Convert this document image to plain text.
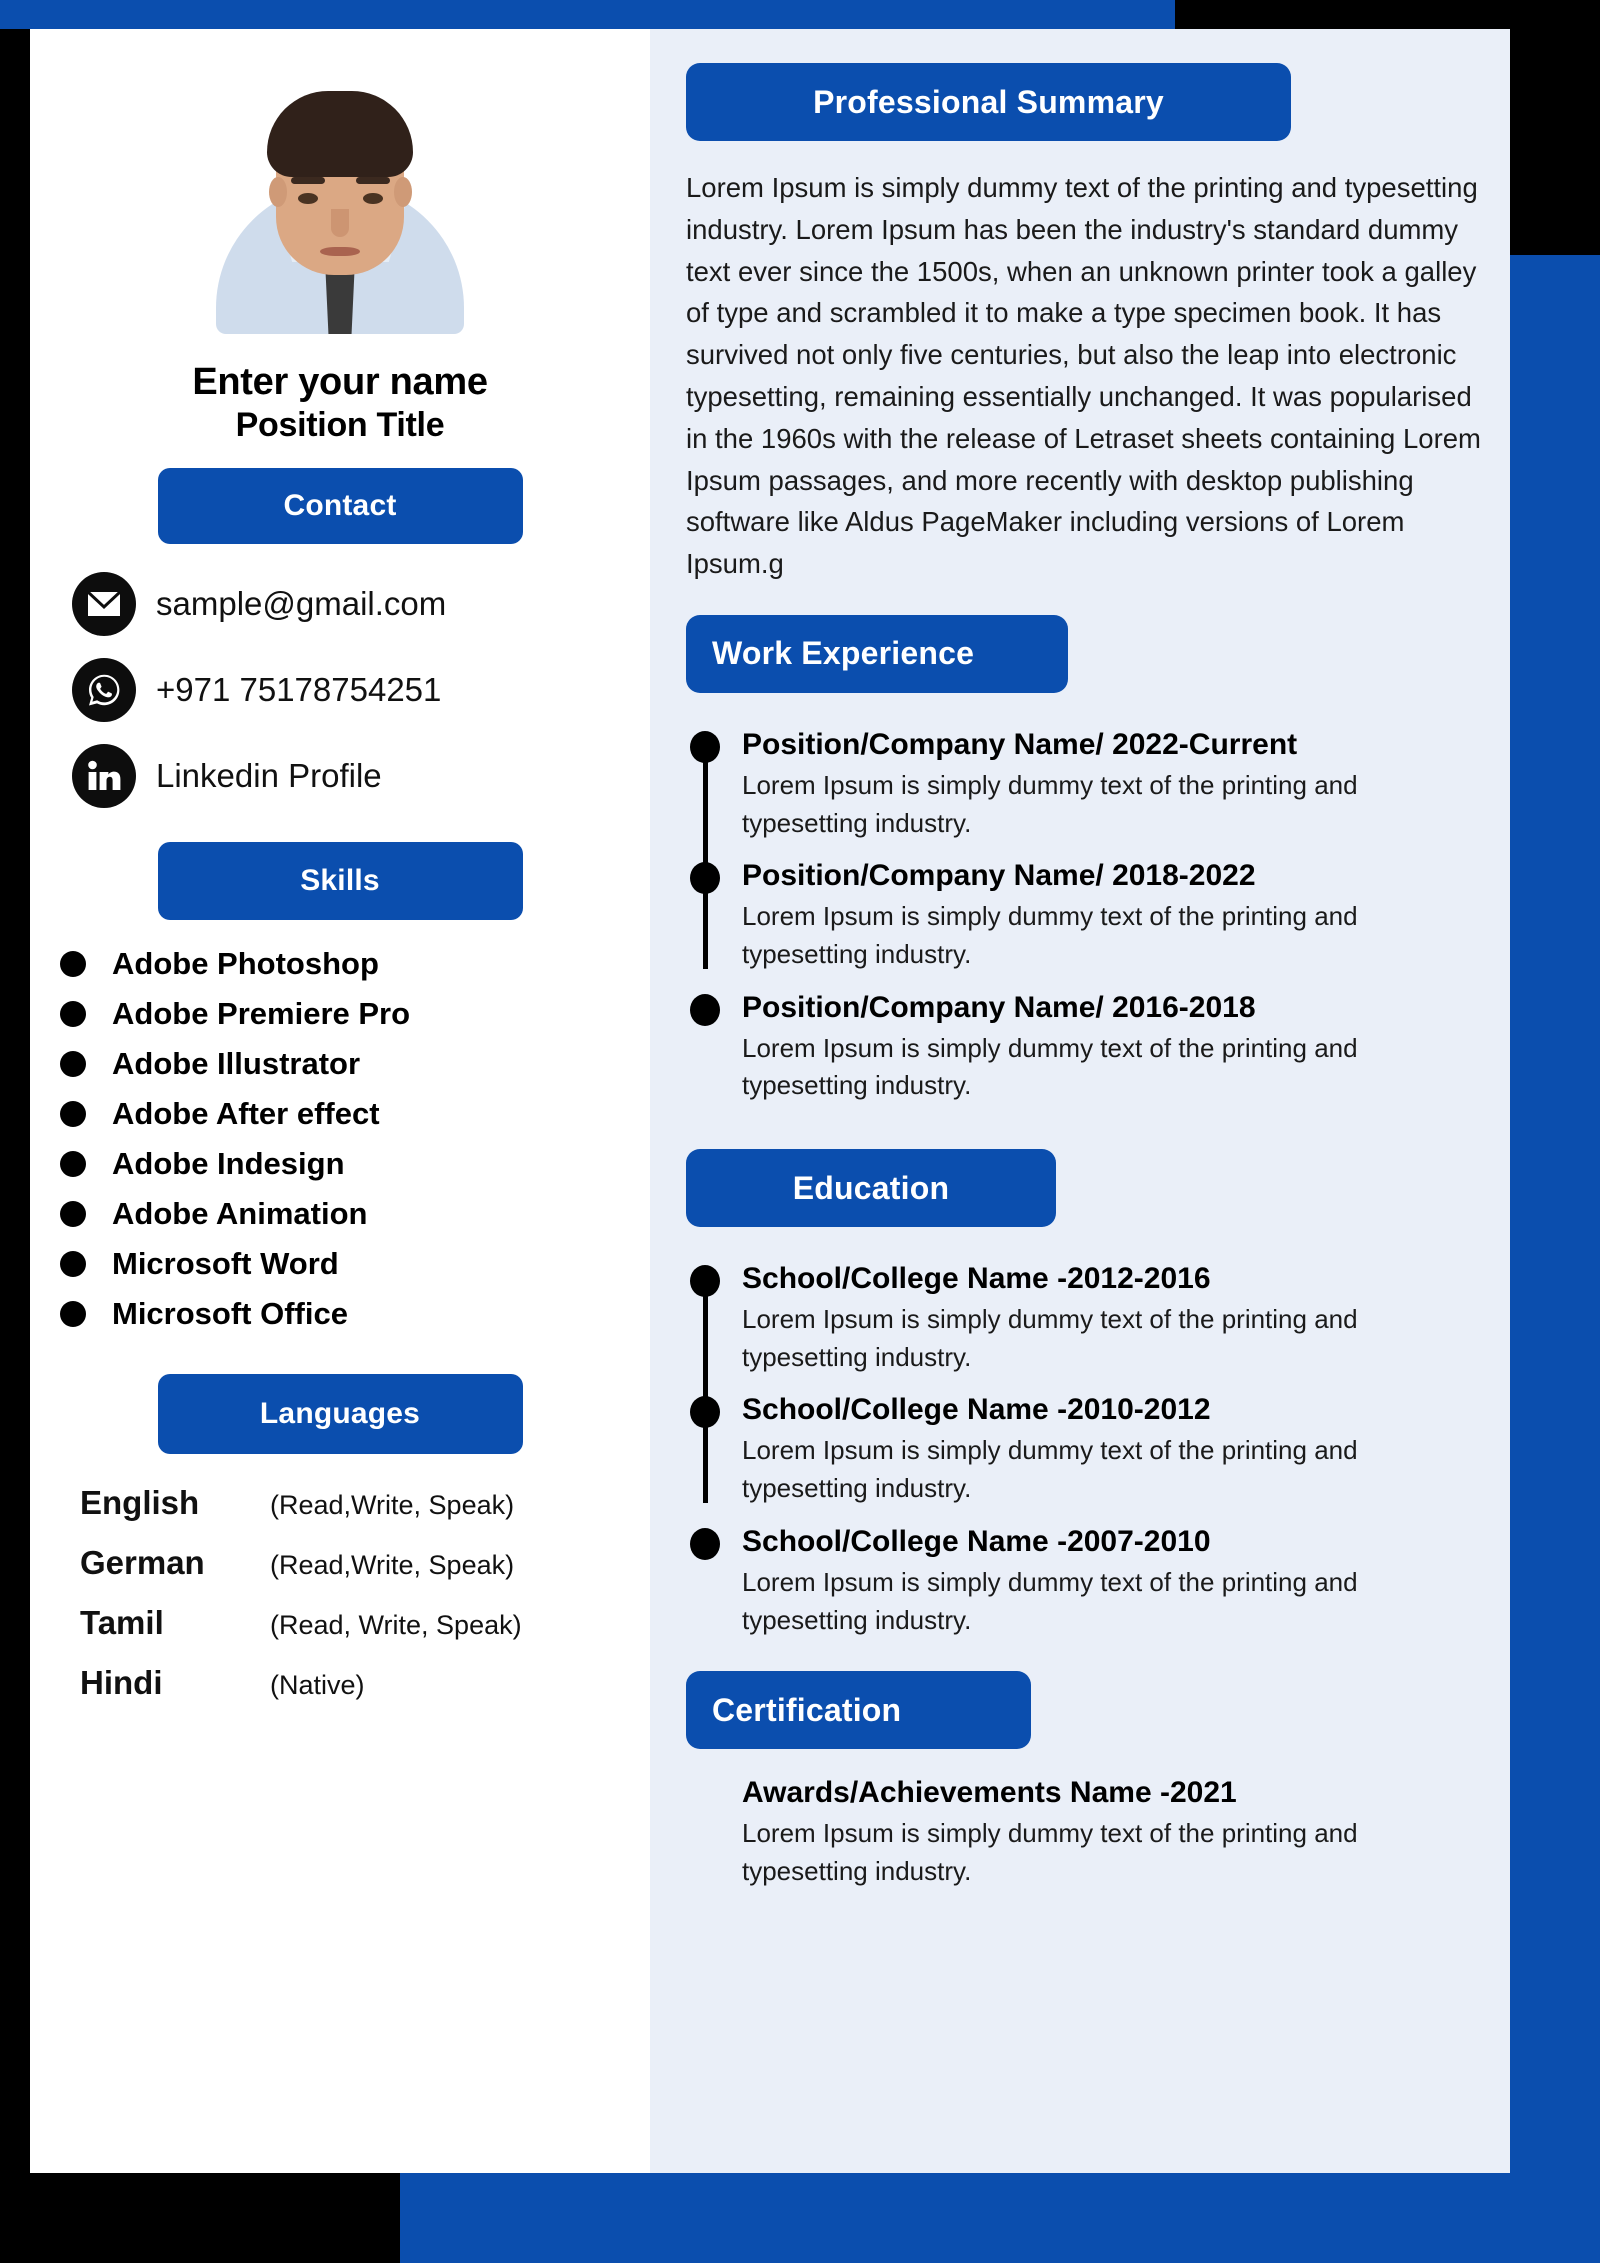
Enter your name
Position Title
Contact
sample@gmail.com
+971 75178754251
Linkedin Profile
Skills
Adobe Photoshop
Adobe Premiere Pro
Adobe Illustrator
Adobe After effect
Adobe Indesign
Adobe Animation
Microsoft Word
Microsoft Office
Languages
English	(Read,Write, Speak)
German	(Read,Write, Speak)
Tamil	(Read, Write, Speak)
Hindi	(Native)
Professional Summary
Lorem Ipsum is simply dummy text of the printing and typesetting industry. Lorem Ipsum has been the industry's standard dummy text ever since the 1500s, when an unknown printer took a galley of type and scrambled it to make a type specimen book. It has survived not only five centuries, but also the leap into electronic typesetting, remaining essentially unchanged. It was popularised in the 1960s with the release of Letraset sheets containing Lorem Ipsum passages, and more recently with desktop publishing software like Aldus PageMaker including versions of Lorem Ipsum.g
Work Experience
Position/Company Name/ 2022-Current
Lorem Ipsum is simply dummy text of the printing and typesetting industry.
Position/Company Name/ 2018-2022
Lorem Ipsum is simply dummy text of the printing and typesetting industry.
Position/Company Name/ 2016-2018
Lorem Ipsum is simply dummy text of the printing and typesetting industry.
Education
School/College Name -2012-2016
Lorem Ipsum is simply dummy text of the printing and typesetting industry.
School/College Name -2010-2012
Lorem Ipsum is simply dummy text of the printing and typesetting industry.
School/College Name -2007-2010
Lorem Ipsum is simply dummy text of the printing and typesetting industry.
Certification
Awards/Achievements Name -2021
Lorem Ipsum is simply dummy text of the printing and typesetting industry.
